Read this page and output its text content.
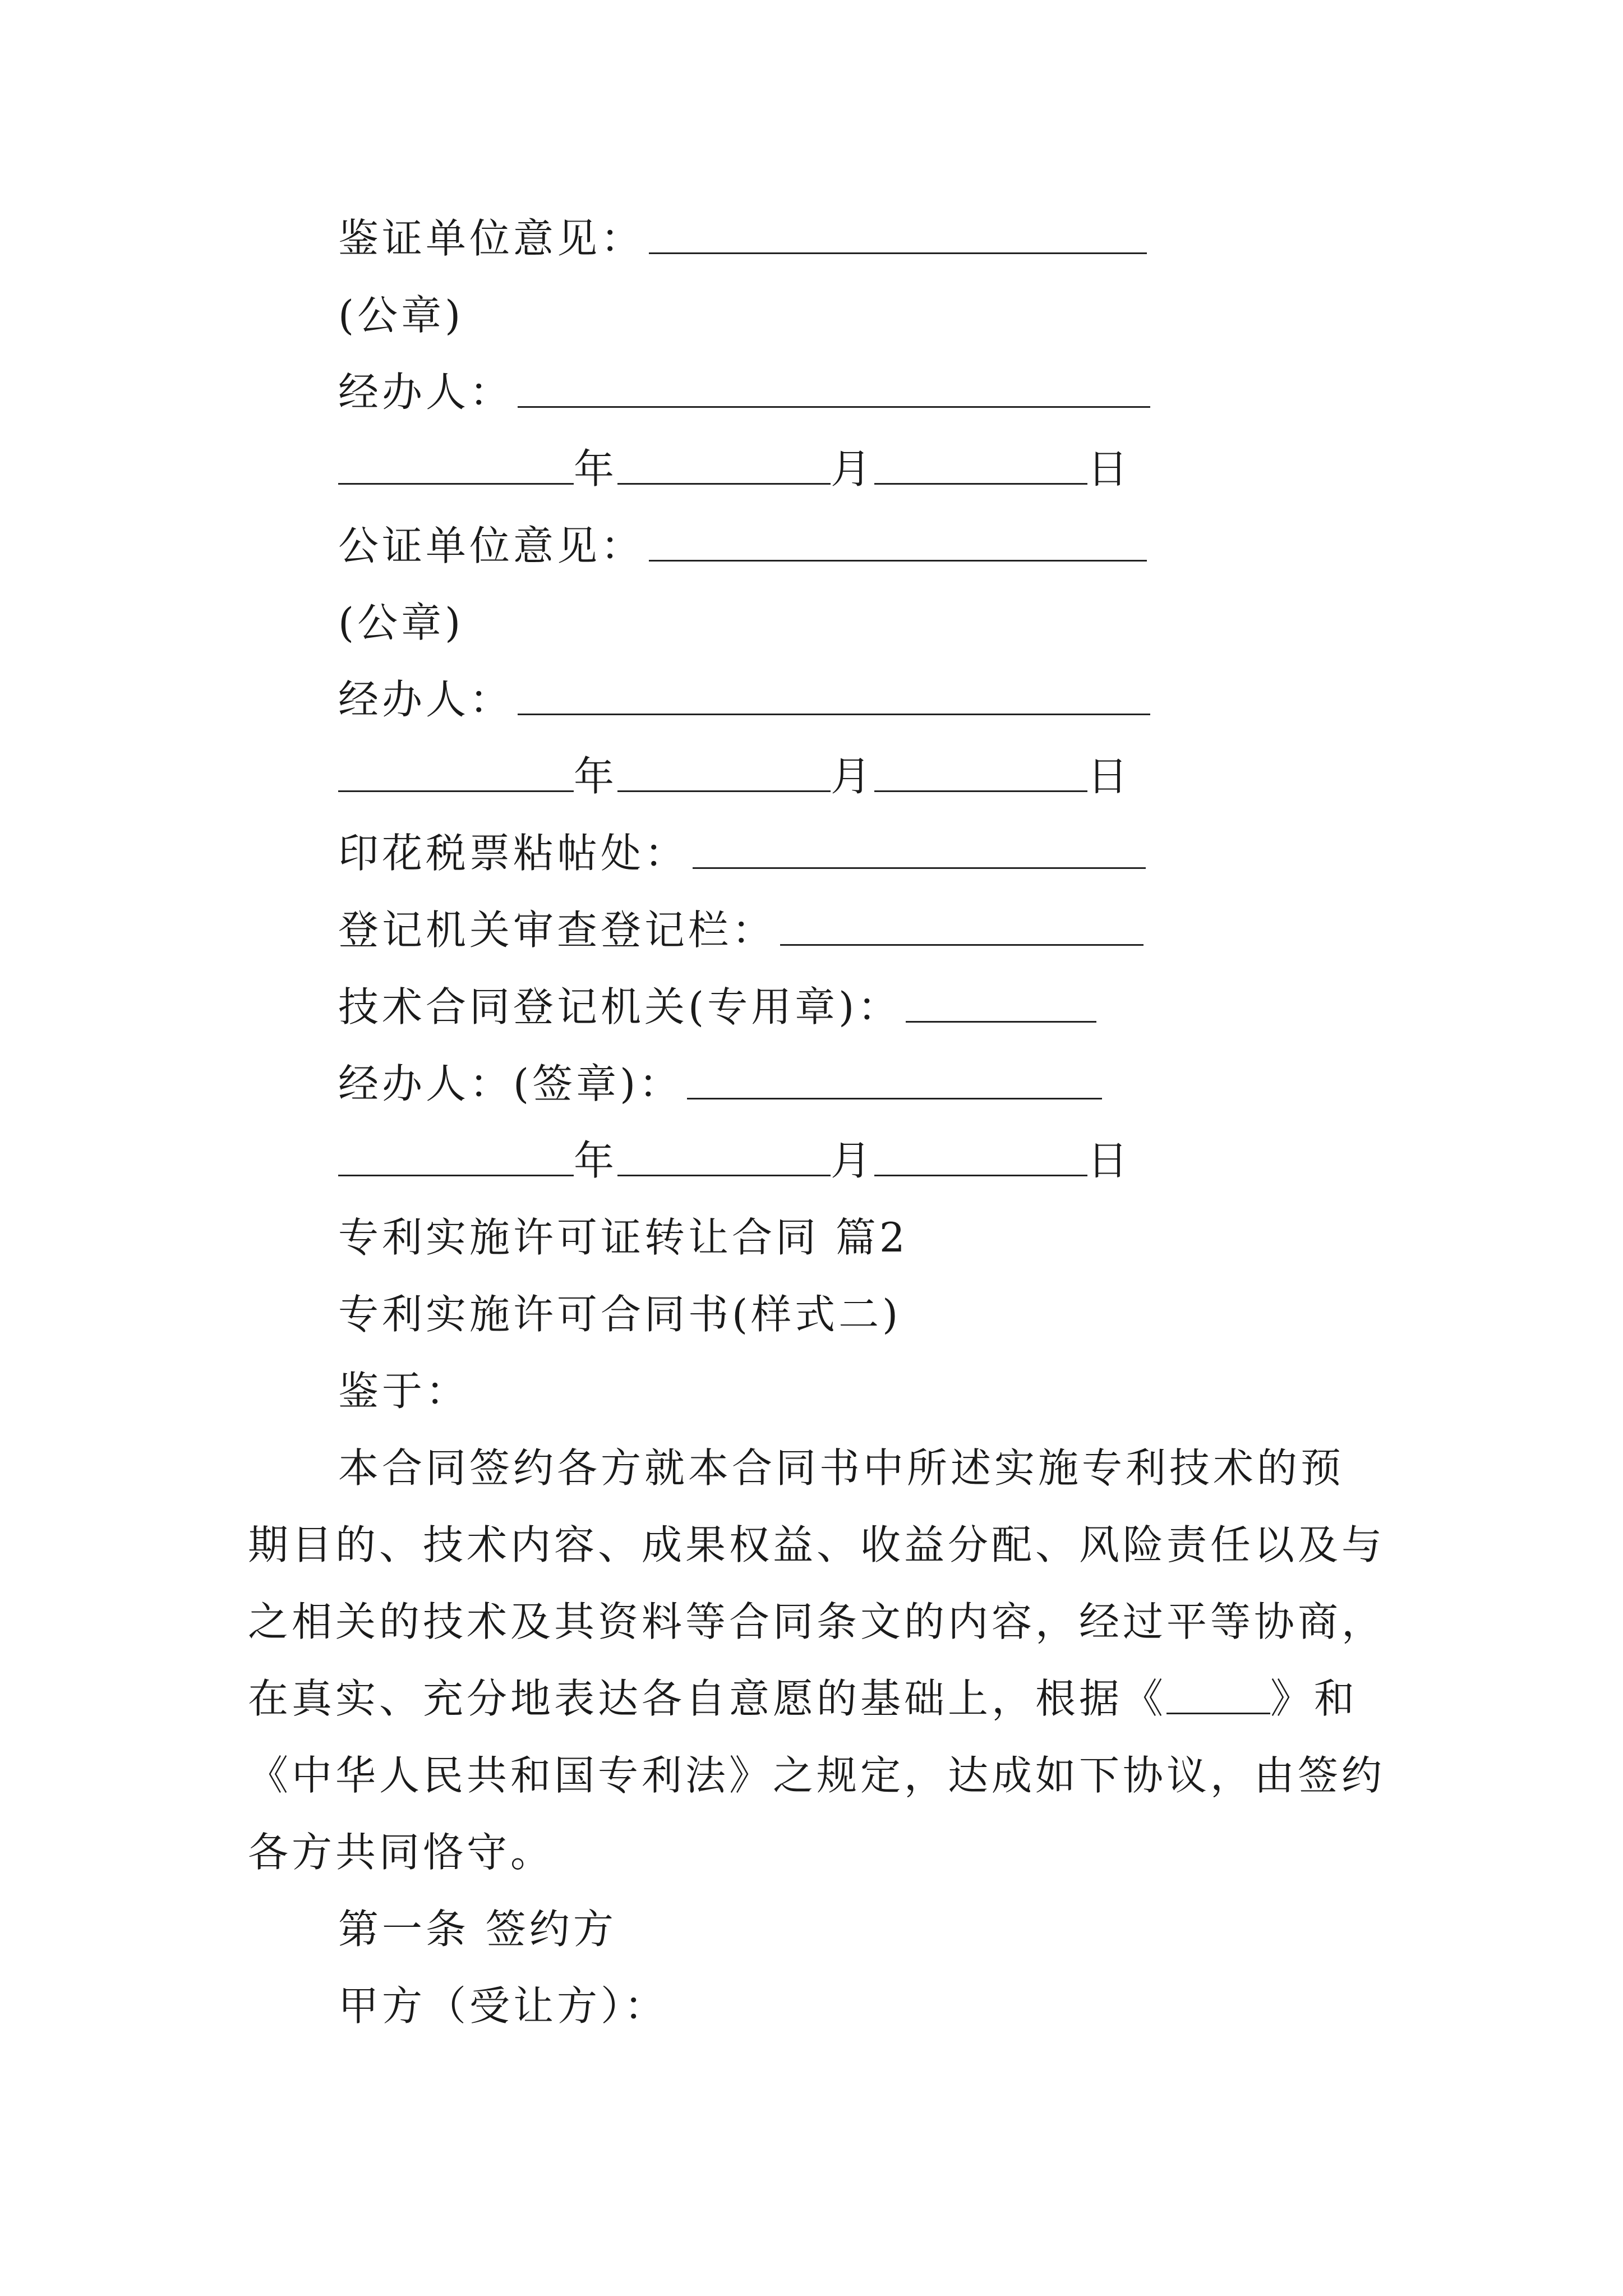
鉴证单位意见：
(公章)
经办人：
年	月	日
公证单位意见：
(公章)
经办人：
年	月	日
印花税票粘帖处：
登记机关审查登记栏：
技术合同登记机关(专用章)：
经办人：(签章)：
年	月	日
专利实施许可证转让合同 篇2
专利实施许可合同书(样式二)
鉴于：
本合同签约各方就本合同书中所述实施专利技术的预
期目的、技术内容、成果权益、收益分配、风险责任以及与
之相关的技术及其资料等合同条文的内容，经过平等协商，
在真实、充分地表达各自意愿的基础上，根据《	》和
《中华人民共和国专利法》之规定，达成如下协议，由签约
各方共同恪守。
第一条 签约方
甲方（受让方）：
